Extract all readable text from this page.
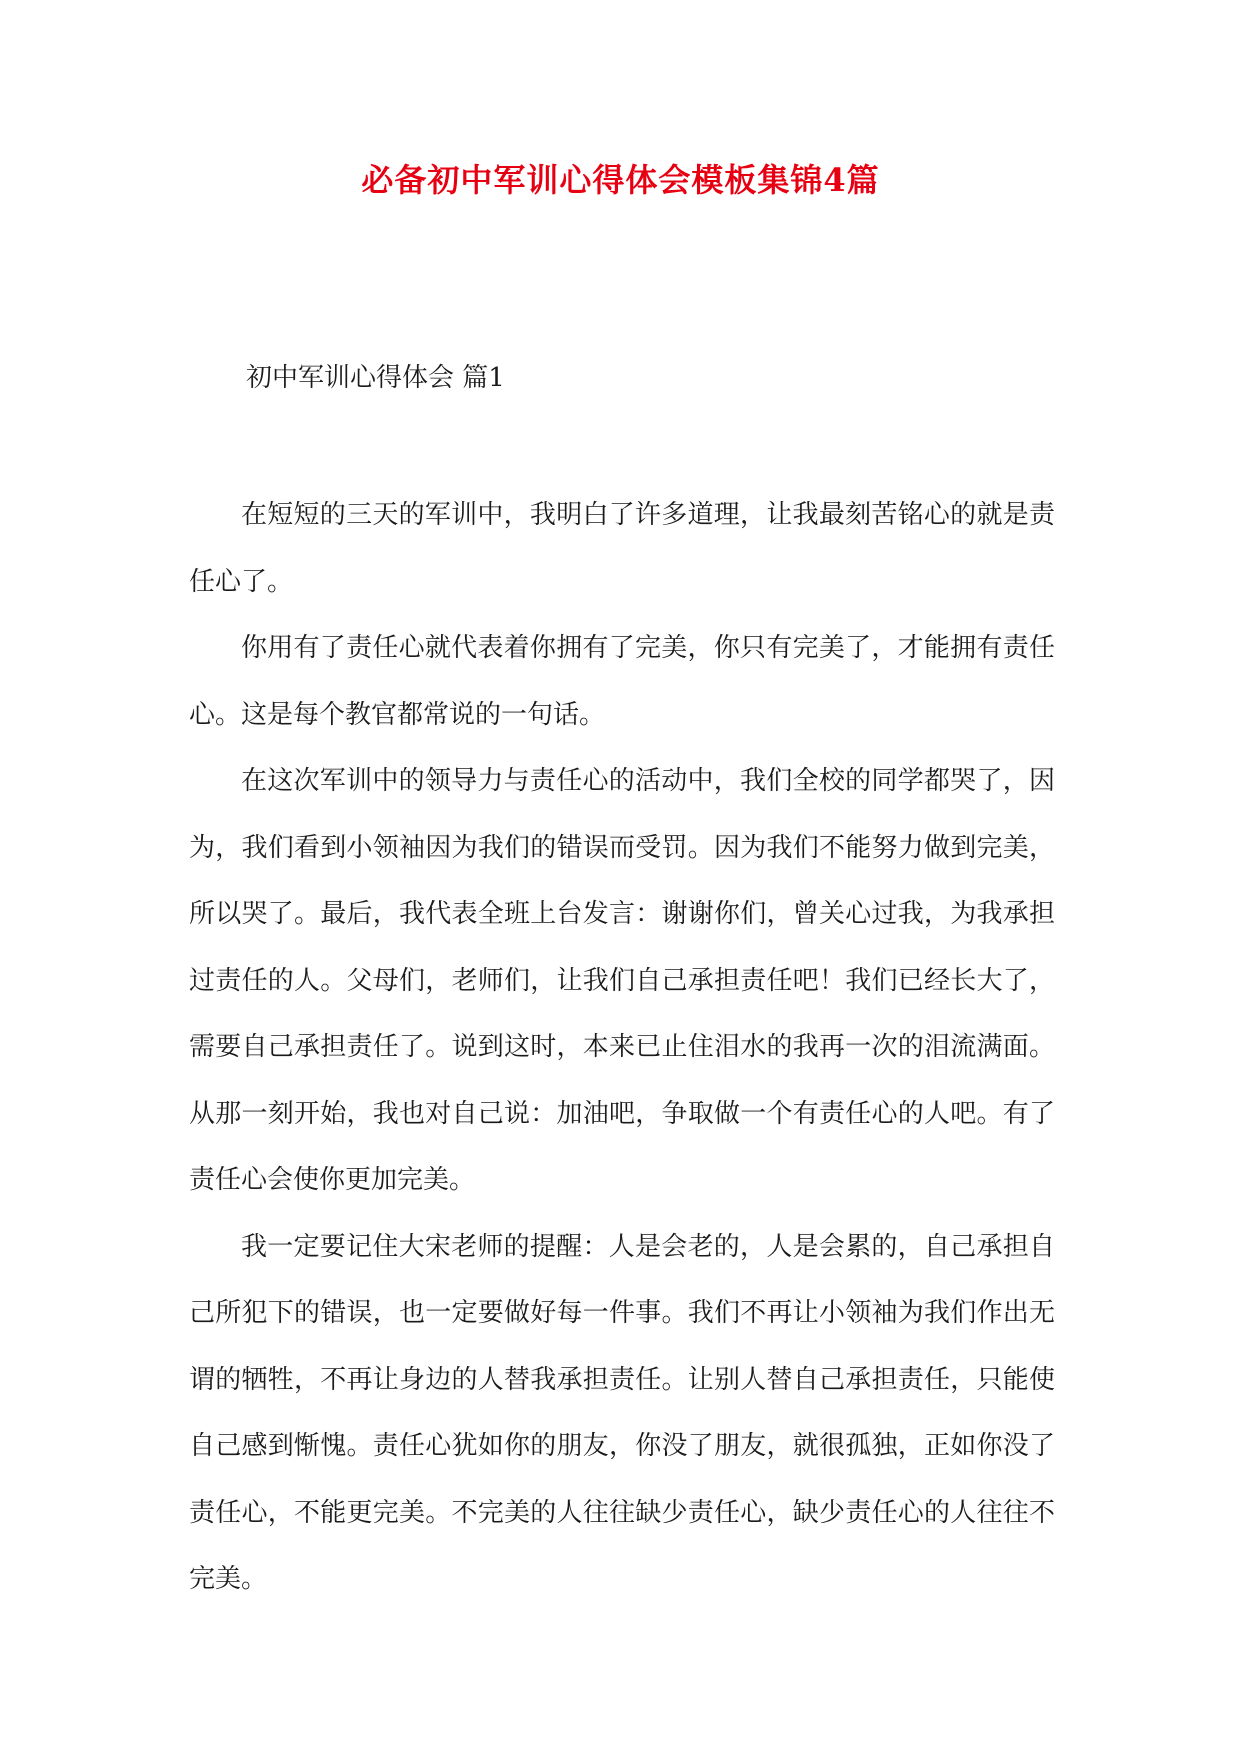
必备初中军训心得体会模板集锦4篇
初中军训心得体会 篇1

在短短的三天的军训中，我明白了许多道理，让我最刻苦铭心的就是责任心了。

你用有了责任心就代表着你拥有了完美，你只有完美了，才能拥有责任心。这是每个教官都常说的一句话。

在这次军训中的领导力与责任心的活动中，我们全校的同学都哭了，因为，我们看到小领袖因为我们的错误而受罚。因为我们不能努力做到完美，所以哭了。最后，我代表全班上台发言：谢谢你们，曾关心过我，为我承担过责任的人。父母们，老师们，让我们自己承担责任吧！我们已经长大了，需要自己承担责任了。说到这时，本来已止住泪水的我再一次的泪流满面。从那一刻开始，我也对自己说：加油吧，争取做一个有责任心的人吧。有了责任心会使你更加完美。

我一定要记住大宋老师的提醒：人是会老的，人是会累的，自己承担自己所犯下的错误，也一定要做好每一件事。我们不再让小领袖为我们作出无谓的牺牲，不再让身边的人替我承担责任。让别人替自己承担责任，只能使自己感到惭愧。责任心犹如你的朋友，你没了朋友，就很孤独，正如你没了责任心，不能更完美。不完美的人往往缺少责任心，缺少责任心的人往往不完美。
